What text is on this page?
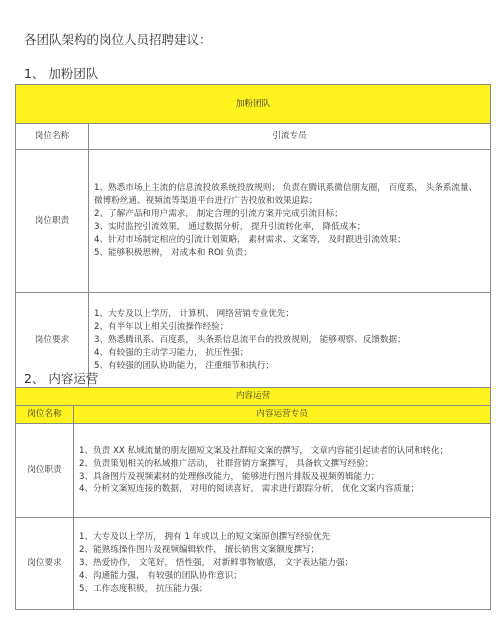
各团队架构的岗位人员招聘建议：
1、 加粉团队
加粉团队	
岗位名称	引流专员
岗位职责	1、熟悉市场上主流的信息流投放系统投放规则； 负责在腾讯系微信朋友圈， 百度系， 头条系流量、微博粉丝通、视频流等渠道平台进行广告投放和效果追踪；
2、了解产品和用户需求， 制定合理的引流方案并完成引流目标；
3、实时监控引流效果， 通过数据分析， 提升引流转化率， 降低成本；
4、针对市场制定相应的引流计划策略， 素材需求、文案等， 及时跟进引流效果；
5、能够积极思辨， 对成本和 ROI 负责；

岗位要求	1、大专及以上学历， 计算机、 网络营销专业优先；
2、有半年以上相关引流操作经验；
3、熟悉腾讯系、百度系， 头条系信息流平台的投放规则， 能够观察、反馈数据；
4、有较强的主动学习能力， 抗压性强；
5、有较强的团队协助能力， 注重细节和执行；
2、 内容运营
内容运营	
岗位名称	内容运营专员
岗位职责	1、负责 XX 私域流量的朋友圈短文案及社群短文案的撰写， 文章内容能引起读者的认同和转化；
2、负责策划相关的私域推广活动， 社群营销方案撰写， 具备软文撰写经验；
3、具备图片及视频素材的处理修改能力， 能够进行图片排版及视频剪辑能力；
4、分析文案短连接的数据， 对用的阅读喜好， 需求进行跟踪分析， 优化文案内容质量；

岗位要求	1、大专及以上学历， 拥有 1 年或以上的短文案原创撰写经验优先
2、能熟练操作图片及视频编辑软件， 擅长销售文案额度撰写；
3、热爱协作， 文笔好， 悟性强， 对新鲜事物敏感， 文字表达能力强；
4、沟通能力强， 有较强的团队协作意识；
5、工作态度积极， 抗压能力强；
